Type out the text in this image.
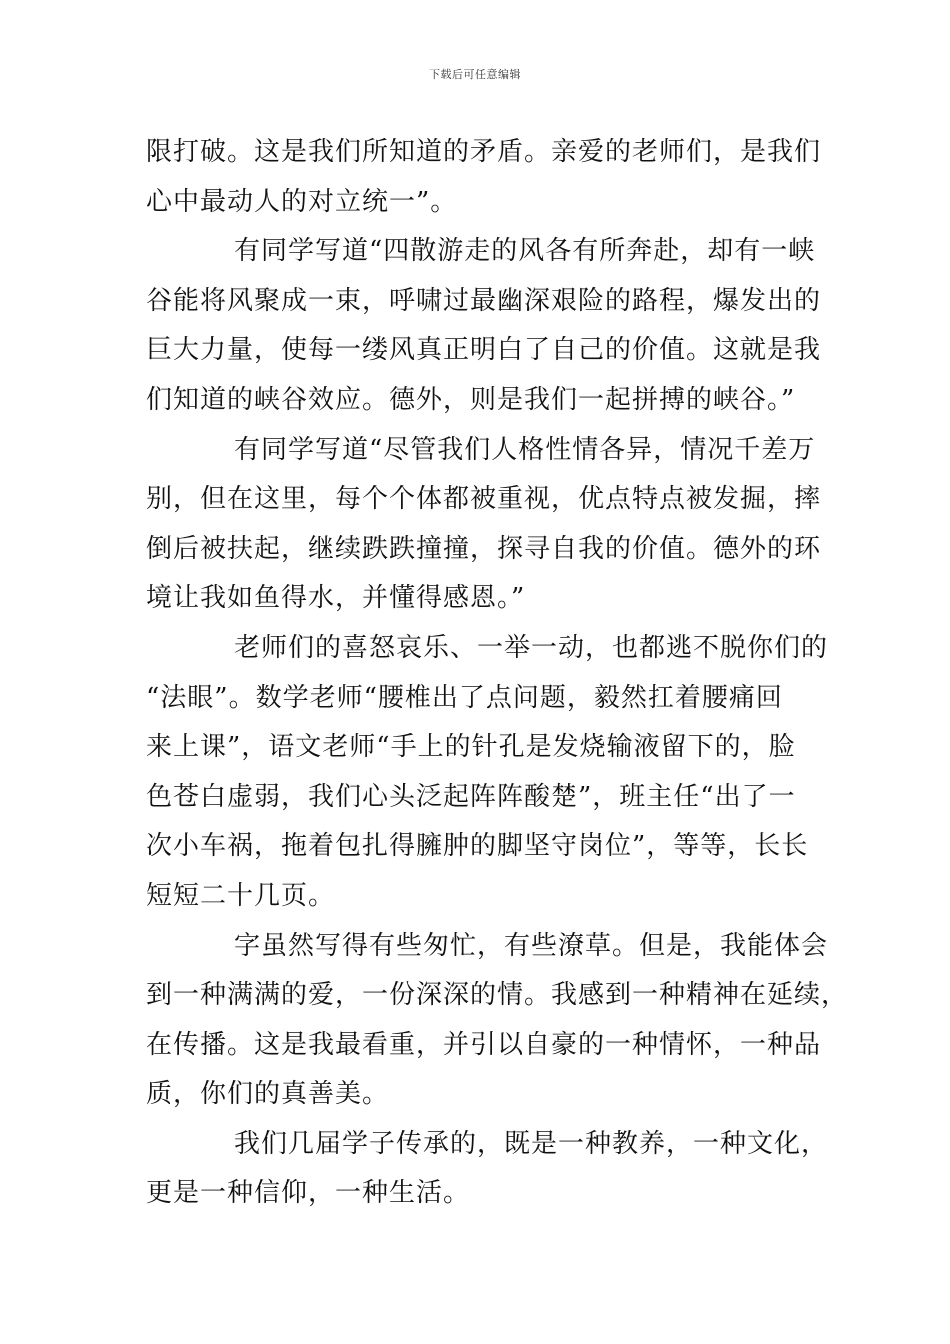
下载后可任意编辑
限打破。这是我们所知道的矛盾。亲爱的老师们，是我们
心中最动人的对立统一”。
有同学写道“四散游走的风各有所奔赴，却有一峡
谷能将风聚成一束，呼啸过最幽深艰险的路程，爆发出的
巨大力量，使每一缕风真正明白了自己的价值。这就是我
们知道的峡谷效应。德外，则是我们一起拼搏的峡谷。”
有同学写道“尽管我们人格性情各异，情况千差万
别，但在这里，每个个体都被重视，优点特点被发掘，摔
倒后被扶起，继续跌跌撞撞，探寻自我的价值。德外的环
境让我如鱼得水，并懂得感恩。”
老师们的喜怒哀乐、一举一动，也都逃不脱你们的
“法眼”。数学老师“腰椎出了点问题，毅然扛着腰痛回
来上课”，语文老师“手上的针孔是发烧输液留下的，脸
色苍白虚弱，我们心头泛起阵阵酸楚”，班主任“出了一
次小车祸，拖着包扎得臃肿的脚坚守岗位”，等等，长长
短短二十几页。
字虽然写得有些匆忙，有些潦草。但是，我能体会
到一种满满的爱，一份深深的情。我感到一种精神在延续，
在传播。这是我最看重，并引以自豪的一种情怀，一种品
质，你们的真善美。
我们几届学子传承的，既是一种教养，一种文化，
更是一种信仰，一种生活。
